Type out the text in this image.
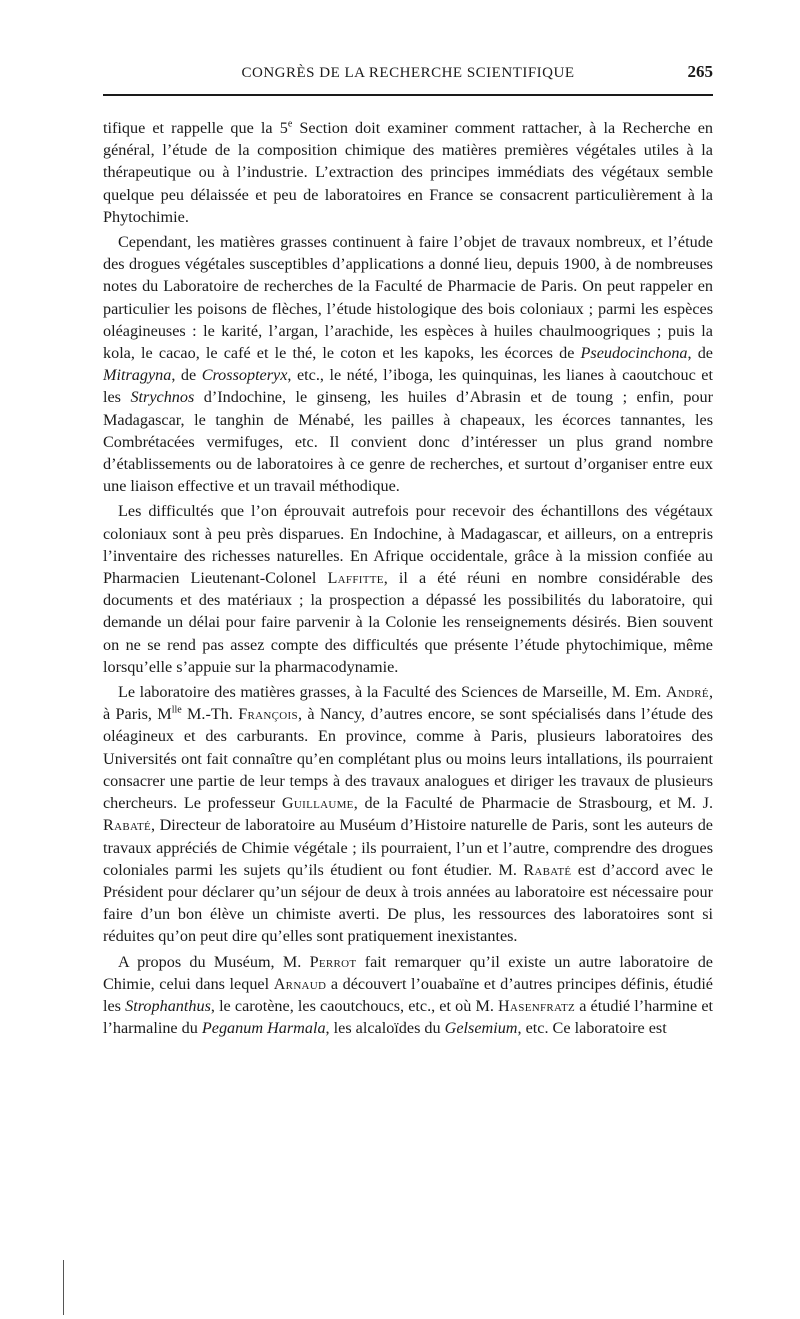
CONGRÈS DE LA RECHERCHE SCIENTIFIQUE	265

tifique et rappelle que la 5e Section doit examiner comment rattacher, à la Recherche en général, l’étude de la composition chimique des matières premières végétales utiles à la thérapeutique ou à l’industrie. L’extraction des principes immédiats des végétaux semble quelque peu délaissée et peu de laboratoires en France se consacrent particulièrement à la Phytochimie.

Cependant, les matières grasses continuent à faire l’objet de travaux nombreux, et l’étude des drogues végétales susceptibles d’applications a donné lieu, depuis 1900, à de nombreuses notes du Laboratoire de recherches de la Faculté de Pharmacie de Paris. On peut rappeler en particulier les poisons de flèches, l’étude histologique des bois coloniaux ; parmi les espèces oléagineuses : le karité, l’argan, l’arachide, les espèces à huiles chaulmoogriques ; puis la kola, le cacao, le café et le thé, le coton et les kapoks, les écorces de Pseudocinchona, de Mitragyna, de Crossopteryx, etc., le nété, l’iboga, les quinquinas, les lianes à caoutchouc et les Strychnos d’Indochine, le ginseng, les huiles d’Abrasin et de toung ; enfin, pour Madagascar, le tanghin de Ménabé, les pailles à chapeaux, les écorces tannantes, les Combrétacées vermifuges, etc. Il convient donc d’intéresser un plus grand nombre d’établissements ou de laboratoires à ce genre de recherches, et surtout d’organiser entre eux une liaison effective et un travail méthodique.

Les difficultés que l’on éprouvait autrefois pour recevoir des échantillons des végétaux coloniaux sont à peu près disparues. En Indochine, à Madagascar, et ailleurs, on a entrepris l’inventaire des richesses naturelles. En Afrique occidentale, grâce à la mission confiée au Pharmacien Lieutenant-Colonel Laffitte, il a été réuni en nombre considérable des documents et des matériaux ; la prospection a dépassé les possibilités du laboratoire, qui demande un délai pour faire parvenir à la Colonie les renseignements désirés. Bien souvent on ne se rend pas assez compte des difficultés que présente l’étude phytochimique, même lorsqu’elle s’appuie sur la pharmacodynamie.

Le laboratoire des matières grasses, à la Faculté des Sciences de Marseille, M. Em. André, à Paris, $M^{lle}$ M.-Th. François, à Nancy, d’autres encore, se sont spécialisés dans l’étude des oléagineux et des carburants. En province, comme à Paris, plusieurs laboratoires des Universités ont fait connaître qu’en complétant plus ou moins leurs intallations, ils pourraient consacrer une partie de leur temps à des travaux analogues et diriger les travaux de plusieurs chercheurs. Le professeur Guillaume, de la Faculté de Pharmacie de Strasbourg, et M. J. Rabaté, Directeur de laboratoire au Muséum d’Histoire naturelle de Paris, sont les auteurs de travaux appréciés de Chimie végétale ; ils pourraient, l’un et l’autre, comprendre des drogues coloniales parmi les sujets qu’ils étudient ou font étudier. M. Rabaté est d’accord avec le Président pour déclarer qu’un séjour de deux à trois années au laboratoire est nécessaire pour faire d’un bon élève un chimiste averti. De plus, les ressources des laboratoires sont si réduites qu’on peut dire qu’elles sont pratiquement inexistantes.

A propos du Muséum, M. Perrot fait remarquer qu’il existe un autre laboratoire de Chimie, celui dans lequel Arnaud a découvert l’ouabaïne et d’autres principes définis, étudié les Strophanthus, le carotène, les caoutchoucs, etc., et où M. Hasenfratz a étudié l’harmine et l’harmaline du Peganum Harmala, les alcaloïdes du Gelsemium, etc. Ce laboratoire est
